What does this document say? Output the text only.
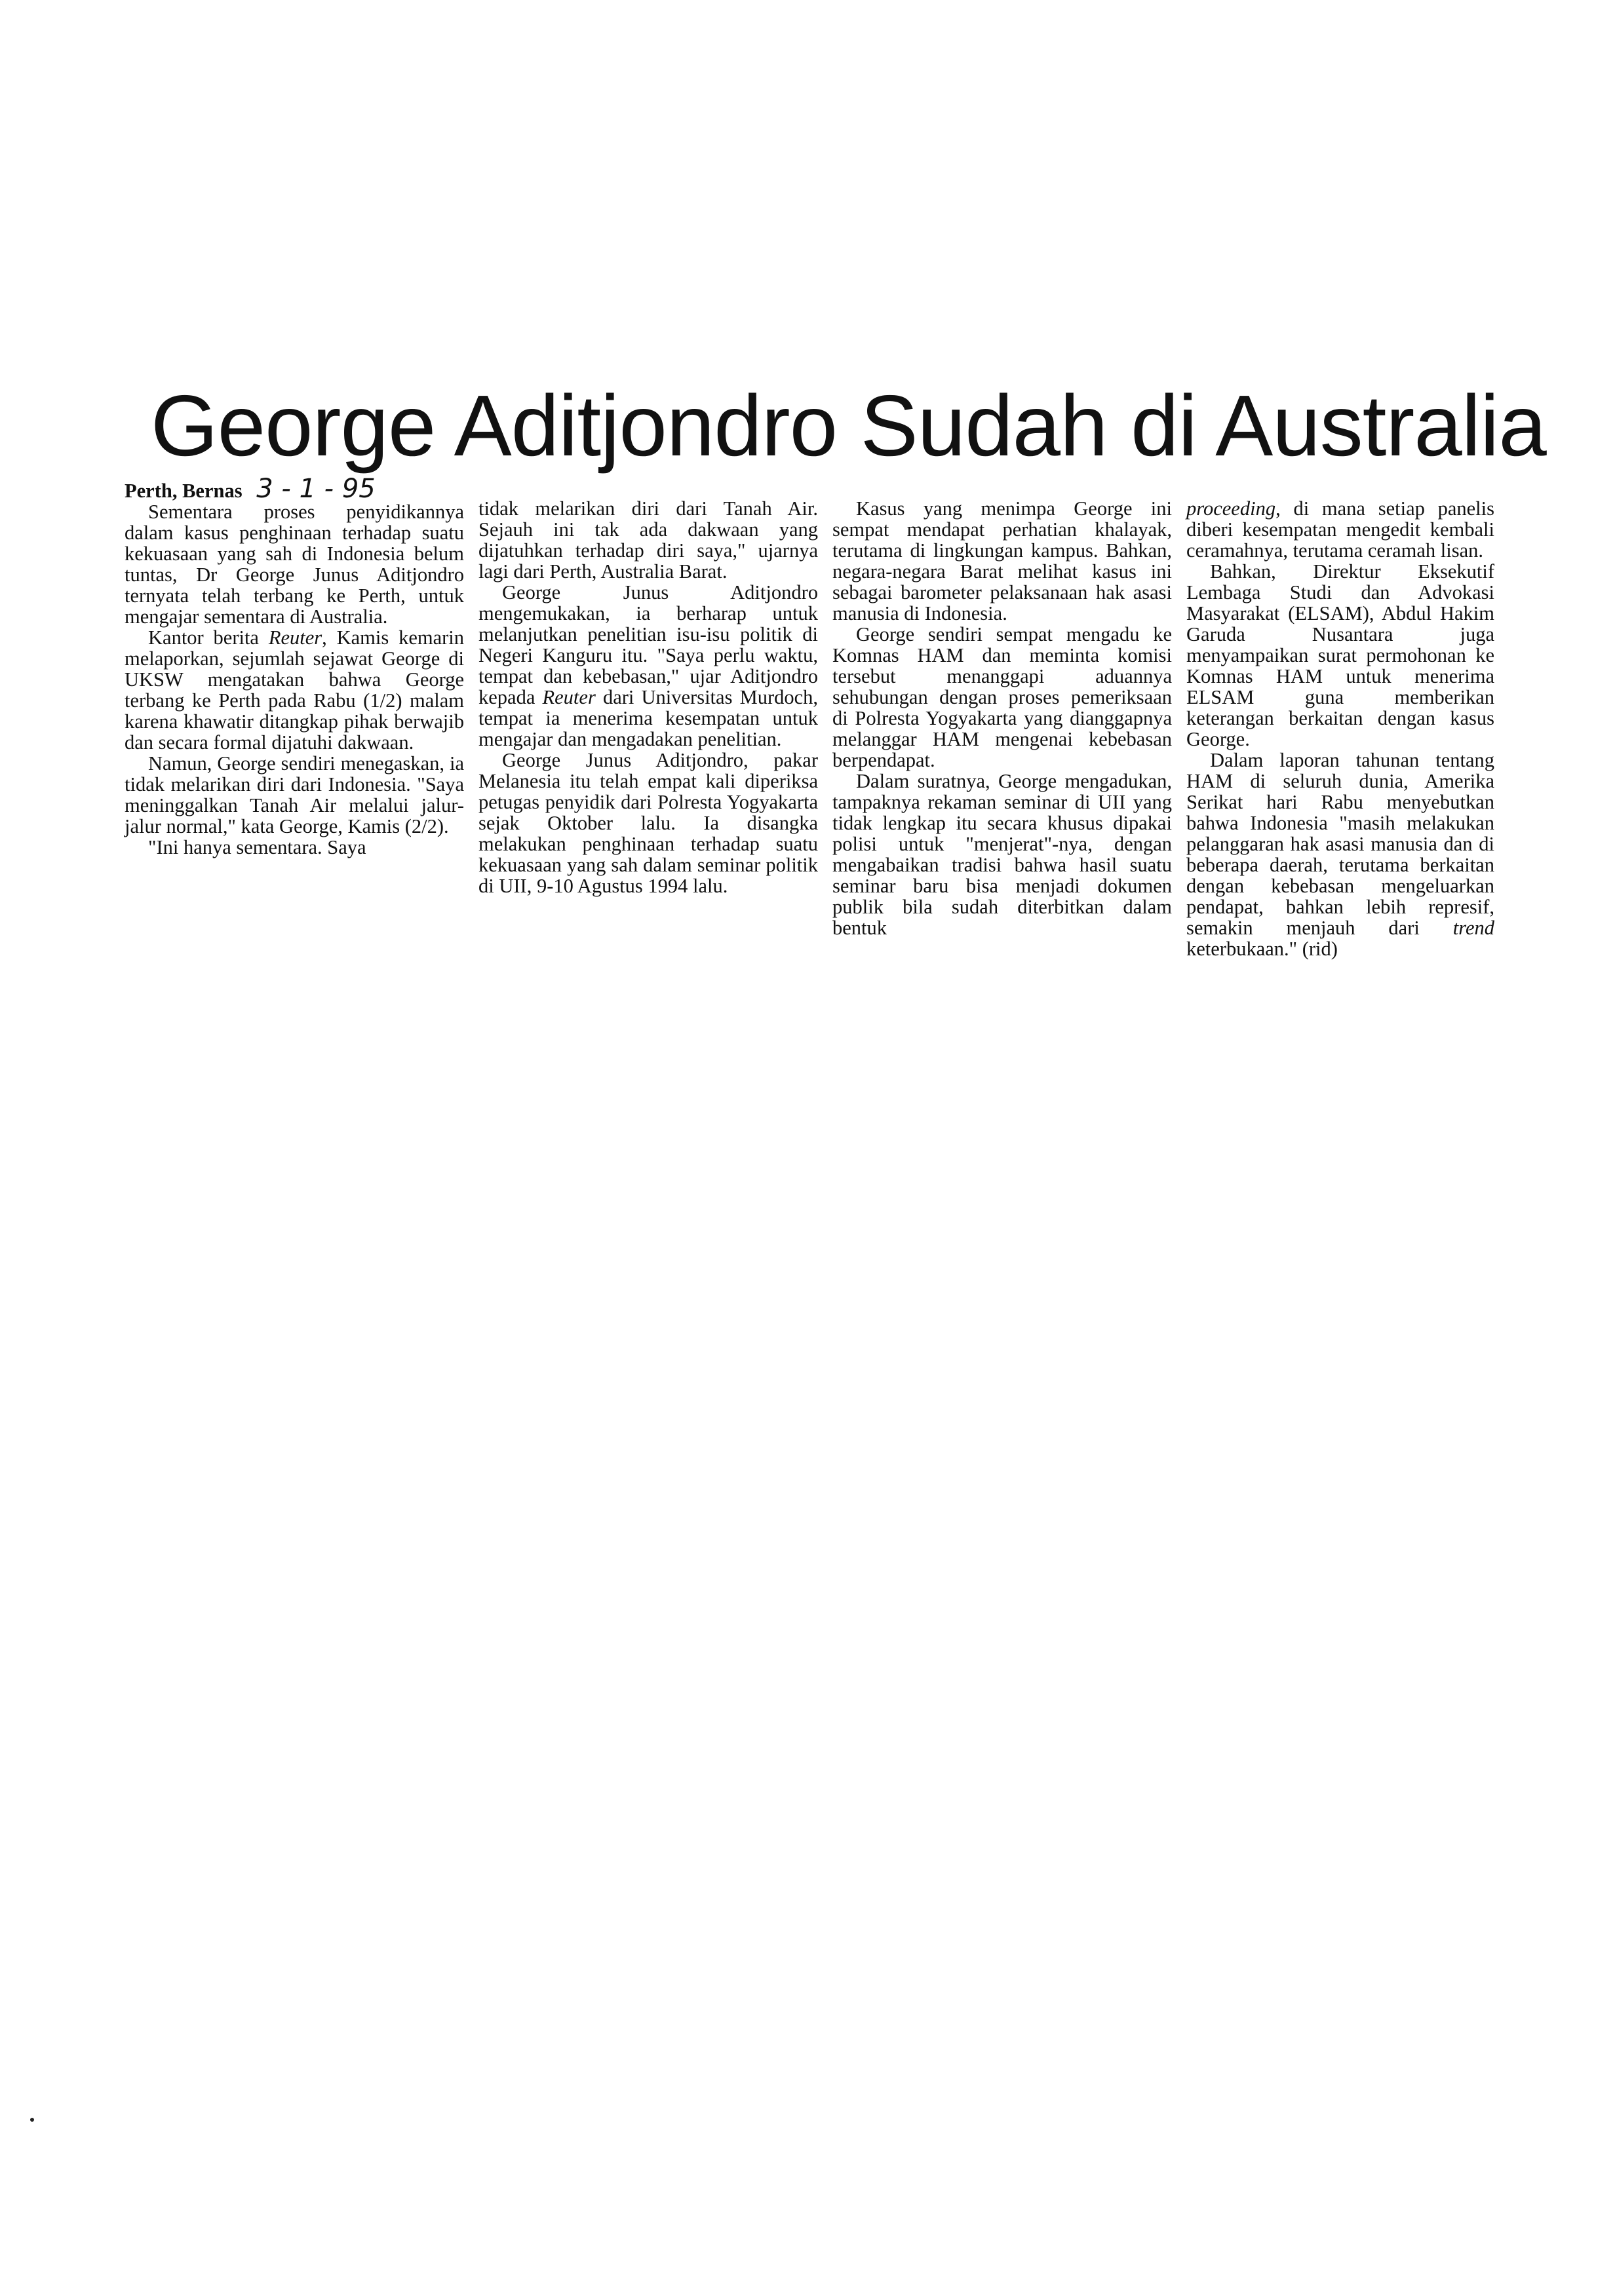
George Aditjondro Sudah di Australia

Perth, Bernas 3 - 1 - 95

Sementara proses penyidikannya dalam kasus penghinaan terhadap suatu kekuasaan yang sah di Indonesia belum tuntas, Dr George Junus Aditjondro ternyata telah terbang ke Perth, untuk mengajar sementara di Australia.

Kantor berita Reuter, Kamis kemarin melaporkan, sejumlah sejawat George di UKSW mengatakan bahwa George terbang ke Perth pada Rabu (1/2) malam karena khawatir ditangkap pihak berwajib dan secara formal dijatuhi dakwaan.

Namun, George sendiri menegaskan, ia tidak melarikan diri dari Indonesia. "Saya meninggalkan Tanah Air melalui jalur-jalur normal," kata George, Kamis (2/2).

"Ini hanya sementara. Saya

tidak melarikan diri dari Tanah Air. Sejauh ini tak ada dakwaan yang dijatuhkan terhadap diri saya," ujarnya lagi dari Perth, Australia Barat.

George Junus Aditjondro mengemukakan, ia berharap untuk melanjutkan penelitian isu-isu politik di Negeri Kanguru itu. "Saya perlu waktu, tempat dan kebebasan," ujar Aditjondro kepada Reuter dari Universitas Murdoch, tempat ia menerima kesempatan untuk mengajar dan mengadakan penelitian.

George Junus Aditjondro, pakar Melanesia itu telah empat kali diperiksa petugas penyidik dari Polresta Yogyakarta sejak Oktober lalu. Ia disangka melakukan penghinaan terhadap suatu kekuasaan yang sah dalam seminar politik di UII, 9-10 Agustus 1994 lalu.

Kasus yang menimpa George ini sempat mendapat perhatian khalayak, terutama di lingkungan kampus. Bahkan, negara-negara Barat melihat kasus ini sebagai barometer pelaksanaan hak asasi manusia di Indonesia.

George sendiri sempat mengadu ke Komnas HAM dan meminta komisi tersebut menanggapi aduannya sehubungan dengan proses pemeriksaan di Polresta Yogyakarta yang dianggapnya melanggar HAM mengenai kebebasan berpendapat.

Dalam suratnya, George mengadukan, tampaknya rekaman seminar di UII yang tidak lengkap itu secara khusus dipakai polisi untuk "menjerat"-nya, dengan mengabaikan tradisi bahwa hasil suatu seminar baru bisa menjadi dokumen publik bila sudah diterbitkan dalam bentuk

proceeding, di mana setiap panelis diberi kesempatan mengedit kembali ceramahnya, terutama ceramah lisan.

Bahkan, Direktur Eksekutif Lembaga Studi dan Advokasi Masyarakat (ELSAM), Abdul Hakim Garuda Nusantara juga menyampaikan surat permohonan ke Komnas HAM untuk menerima ELSAM guna memberikan keterangan berkaitan dengan kasus George.

Dalam laporan tahunan tentang HAM di seluruh dunia, Amerika Serikat hari Rabu menyebutkan bahwa Indonesia "masih melakukan pelanggaran hak asasi manusia dan di beberapa daerah, terutama berkaitan dengan kebebasan mengeluarkan pendapat, bahkan lebih represif, semakin menjauh dari trend keterbukaan." (rid)
